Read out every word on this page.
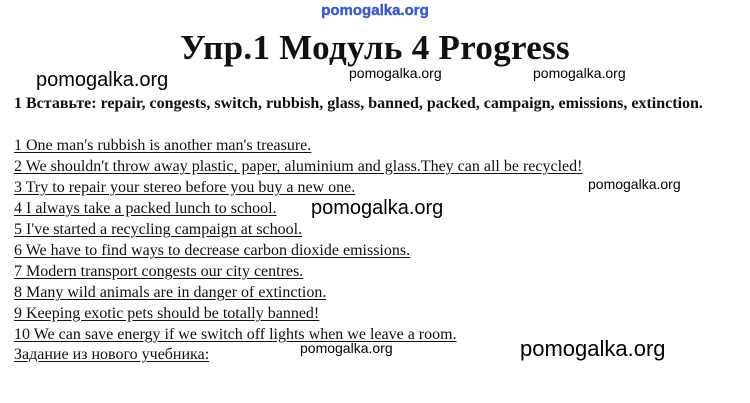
pomogalka.org
Упр.1 Модуль 4 Progress
pomogalka.org	pomogalka.org	pomogalka.org
1 Вставьте: repair, congests, switch, rubbish, glass, banned, packed, campaign, emissions, extinction.
1 One man's rubbish is another man's treasure.
2 We shouldn't throw away plastic, paper, aluminium and glass.They can all be recycled!
3 Try to repair your stereo before you buy a new one.
4 I always take a packed lunch to school.
5 I've started a recycling campaign at school.
6 We have to find ways to decrease carbon dioxide emissions.
7 Modern transport congests our city centres.
8 Many wild animals are in danger of extinction.
9 Keeping exotic pets should be totally banned!
10 We can save energy if we switch off lights when we leave a room.
Задание из нового учебника:
pomogalka.org
pomogalka.org
pomogalka.org	pomogalka.org
